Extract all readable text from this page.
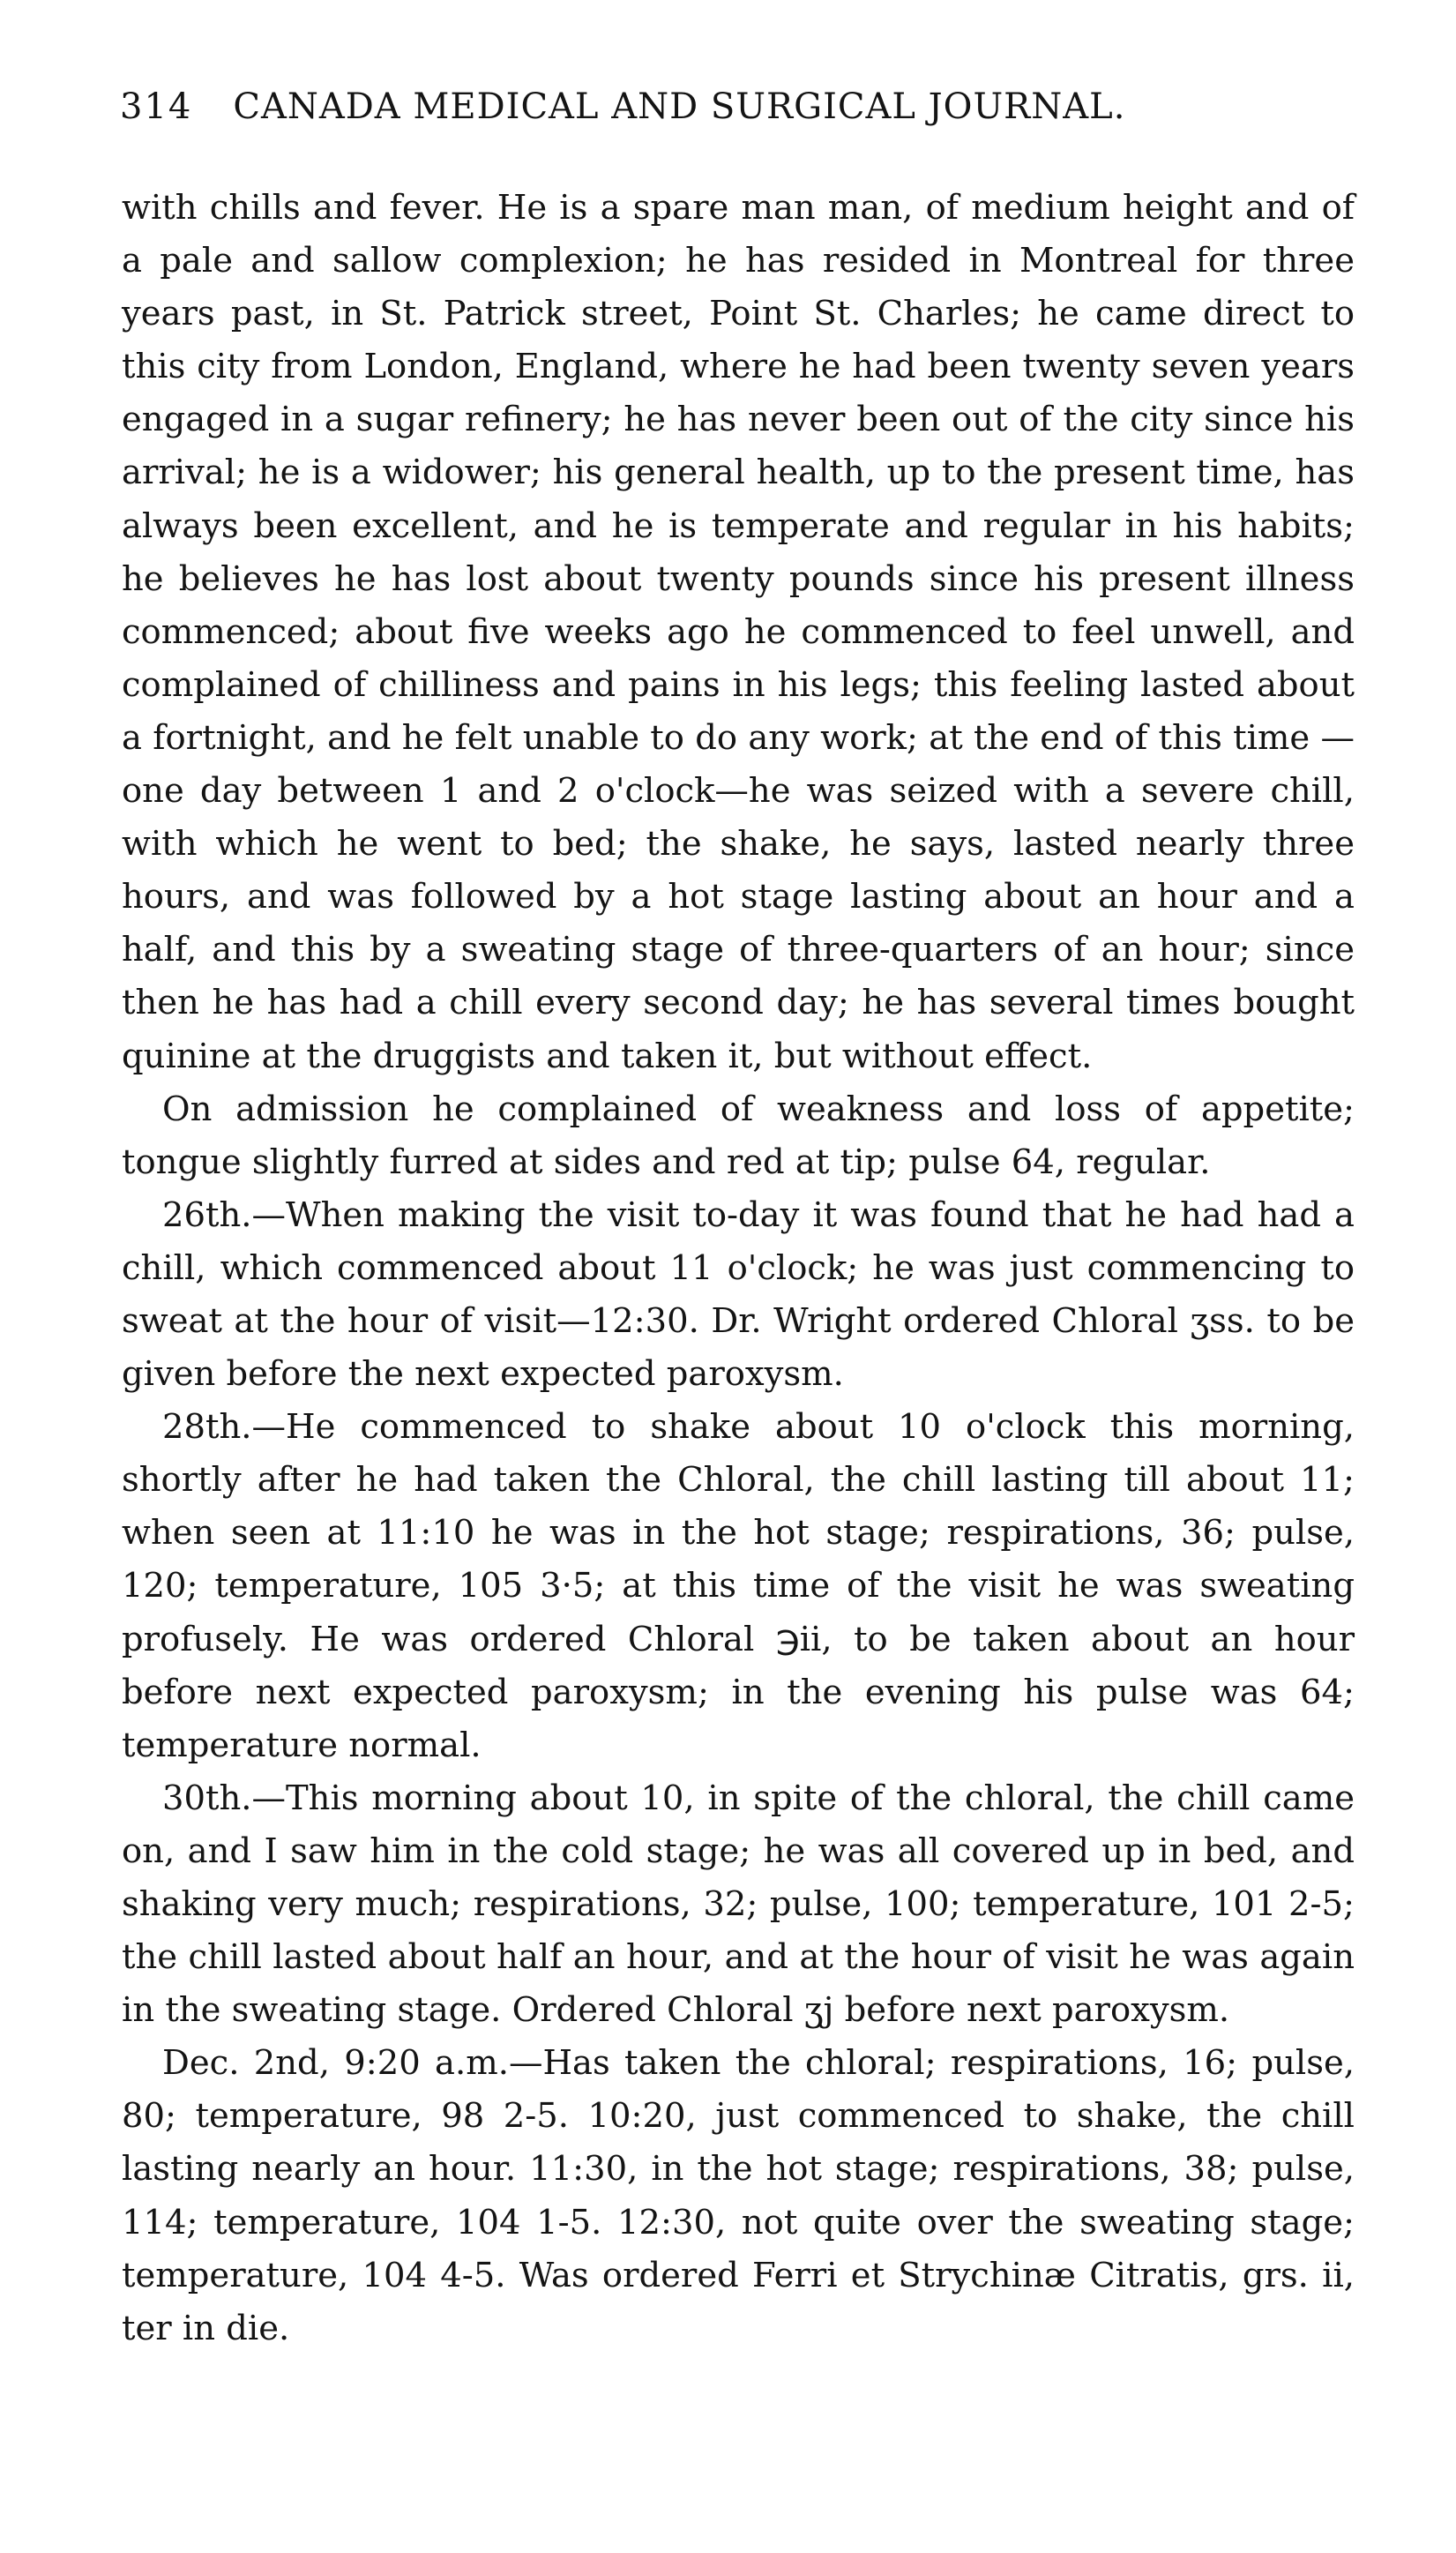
314 CANADA MEDICAL AND SURGICAL JOURNAL.

with chills and fever. He is a spare man man, of medium height and of a pale and sallow complexion; he has resided in Montreal for three years past, in St. Patrick street, Point St. Charles; he came direct to this city from London, England, where he had been twenty seven years engaged in a sugar refinery; he has never been out of the city since his arrival; he is a widower; his general health, up to the present time, has always been excellent, and he is temperate and regular in his habits; he believes he has lost about twenty pounds since his present illness commenced; about five weeks ago he commenced to feel unwell, and complained of chilliness and pains in his legs; this feeling lasted about a fortnight, and he felt unable to do any work; at the end of this time —one day between 1 and 2 o'clock—he was seized with a severe chill, with which he went to bed; the shake, he says, lasted nearly three hours, and was followed by a hot stage lasting about an hour and a half, and this by a sweating stage of three-quarters of an hour; since then he has had a chill every second day; he has several times bought quinine at the druggists and taken it, but without effect.

On admission he complained of weakness and loss of appetite; tongue slightly furred at sides and red at tip; pulse 64, regular.

26th.—When making the visit to-day it was found that he had had a chill, which commenced about 11 o'clock; he was just commencing to sweat at the hour of visit—12:30. Dr. Wright ordered Chloral ʒss. to be given before the next expected paroxysm.

28th.—He commenced to shake about 10 o'clock this morning, shortly after he had taken the Chloral, the chill lasting till about 11; when seen at 11:10 he was in the hot stage; respirations, 36; pulse, 120; temperature, 105 3·5; at this time of the visit he was sweating profusely. He was ordered Chloral ℈ii, to be taken about an hour before next expected paroxysm; in the evening his pulse was 64; temperature normal.

30th.—This morning about 10, in spite of the chloral, the chill came on, and I saw him in the cold stage; he was all covered up in bed, and shaking very much; respirations, 32; pulse, 100; temperature, 101 2-5; the chill lasted about half an hour, and at the hour of visit he was again in the sweating stage. Ordered Chloral ʒj before next paroxysm.

Dec. 2nd, 9:20 a.m.—Has taken the chloral; respirations, 16; pulse, 80; temperature, 98 2-5. 10:20, just commenced to shake, the chill lasting nearly an hour. 11:30, in the hot stage; respirations, 38; pulse, 114; temperature, 104 1-5. 12:30, not quite over the sweating stage; temperature, 104 4-5. Was ordered Ferri et Strychinæ Citratis, grs. ii, ter in die.
